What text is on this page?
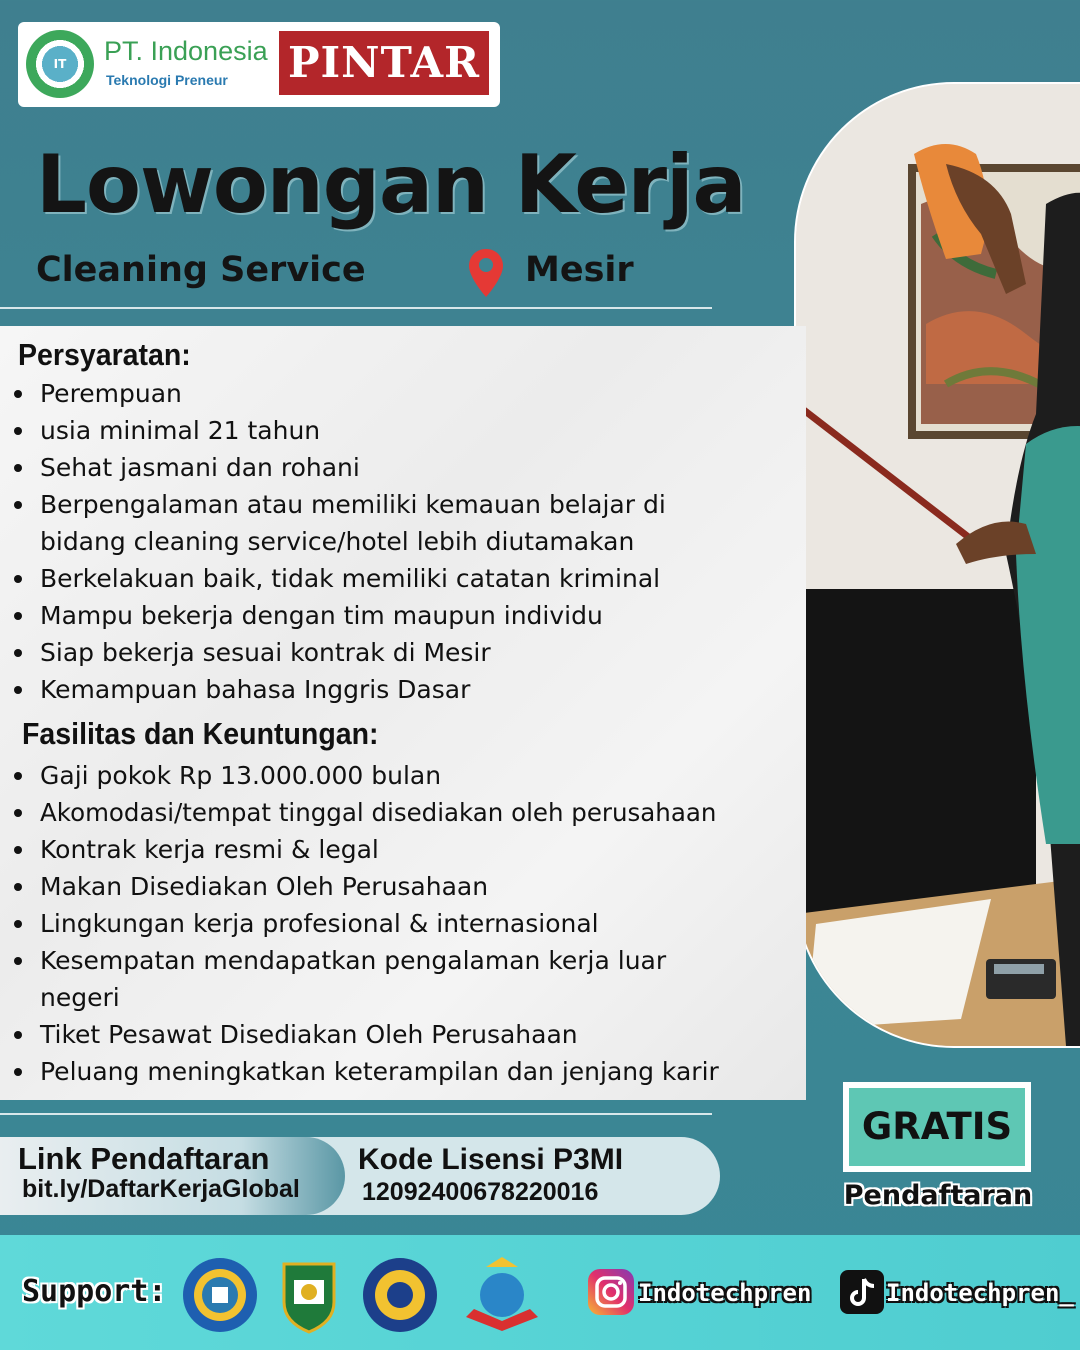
IT	PT. Indonesia
Teknologi Preneur PINTAR
Lowongan Kerja
Cleaning Service	Mesir
Persyaratan:
Perempuan
usia minimal 21 tahun
Sehat jasmani dan rohani
Berpengalaman atau memiliki kemauan belajar di bidang cleaning service/hotel lebih diutamakan
Berkelakuan baik, tidak memiliki catatan kriminal
Mampu bekerja dengan tim maupun individu
Siap bekerja sesuai kontrak di Mesir
Kemampuan bahasa Inggris Dasar
Fasilitas dan Keuntungan:
Gaji pokok Rp 13.000.000 bulan
Akomodasi/tempat tinggal disediakan oleh perusahaan
Kontrak kerja resmi & legal
Makan Disediakan Oleh Perusahaan
Lingkungan kerja profesional & internasional
Kesempatan mendapatkan pengalaman kerja luar negeri
Tiket Pesawat Disediakan Oleh Perusahaan
Peluang meningkatkan keterampilan dan jenjang karir
Link Pendaftaran
bit.ly/DaftarKerjaGlobal
Kode Lisensi P3MI
12092400678220016
GRATIS
Pendaftaran
Support:	Indotechpren	Indotechpren_
